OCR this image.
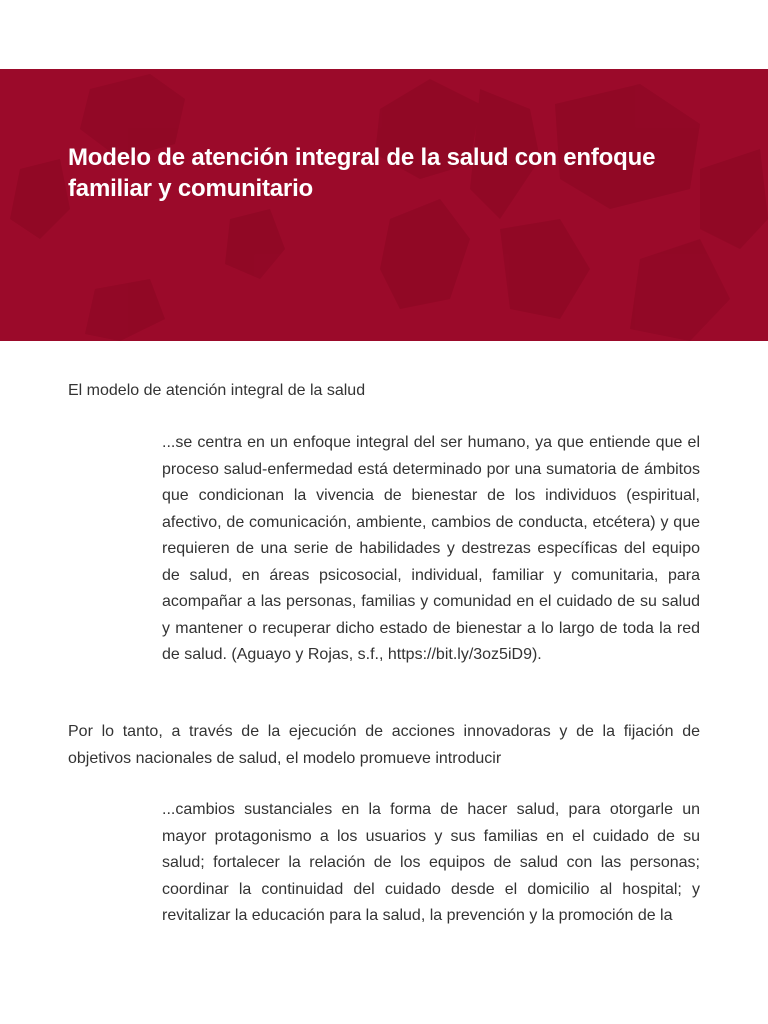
Modelo de atención integral de la salud con enfoque familiar y comunitario

El modelo de atención integral de la salud

...se centra en un enfoque integral del ser humano, ya que entiende que el proceso salud-enfermedad está determinado por una sumatoria de ámbitos que condicionan la vivencia de bienestar de los individuos (espiritual, afectivo, de comunicación, ambiente, cambios de conducta, etcétera) y que requieren de una serie de habilidades y destrezas específicas del equipo de salud, en áreas psicosocial, individual, familiar y comunitaria, para acompañar a las personas, familias y comunidad en el cuidado de su salud y mantener o recuperar dicho estado de bienestar a lo largo de toda la red de salud. (Aguayo y Rojas, s.f., https://bit.ly/3oz5iD9).

Por lo tanto, a través de la ejecución de acciones innovadoras y de la fijación de objetivos nacionales de salud, el modelo promueve introducir

...cambios sustanciales en la forma de hacer salud, para otorgarle un mayor protagonismo a los usuarios y sus familias en el cuidado de su salud; fortalecer la relación de los equipos de salud con las personas; coordinar la continuidad del cuidado desde el domicilio al hospital; y revitalizar la educación para la salud, la prevención y la promoción de la
